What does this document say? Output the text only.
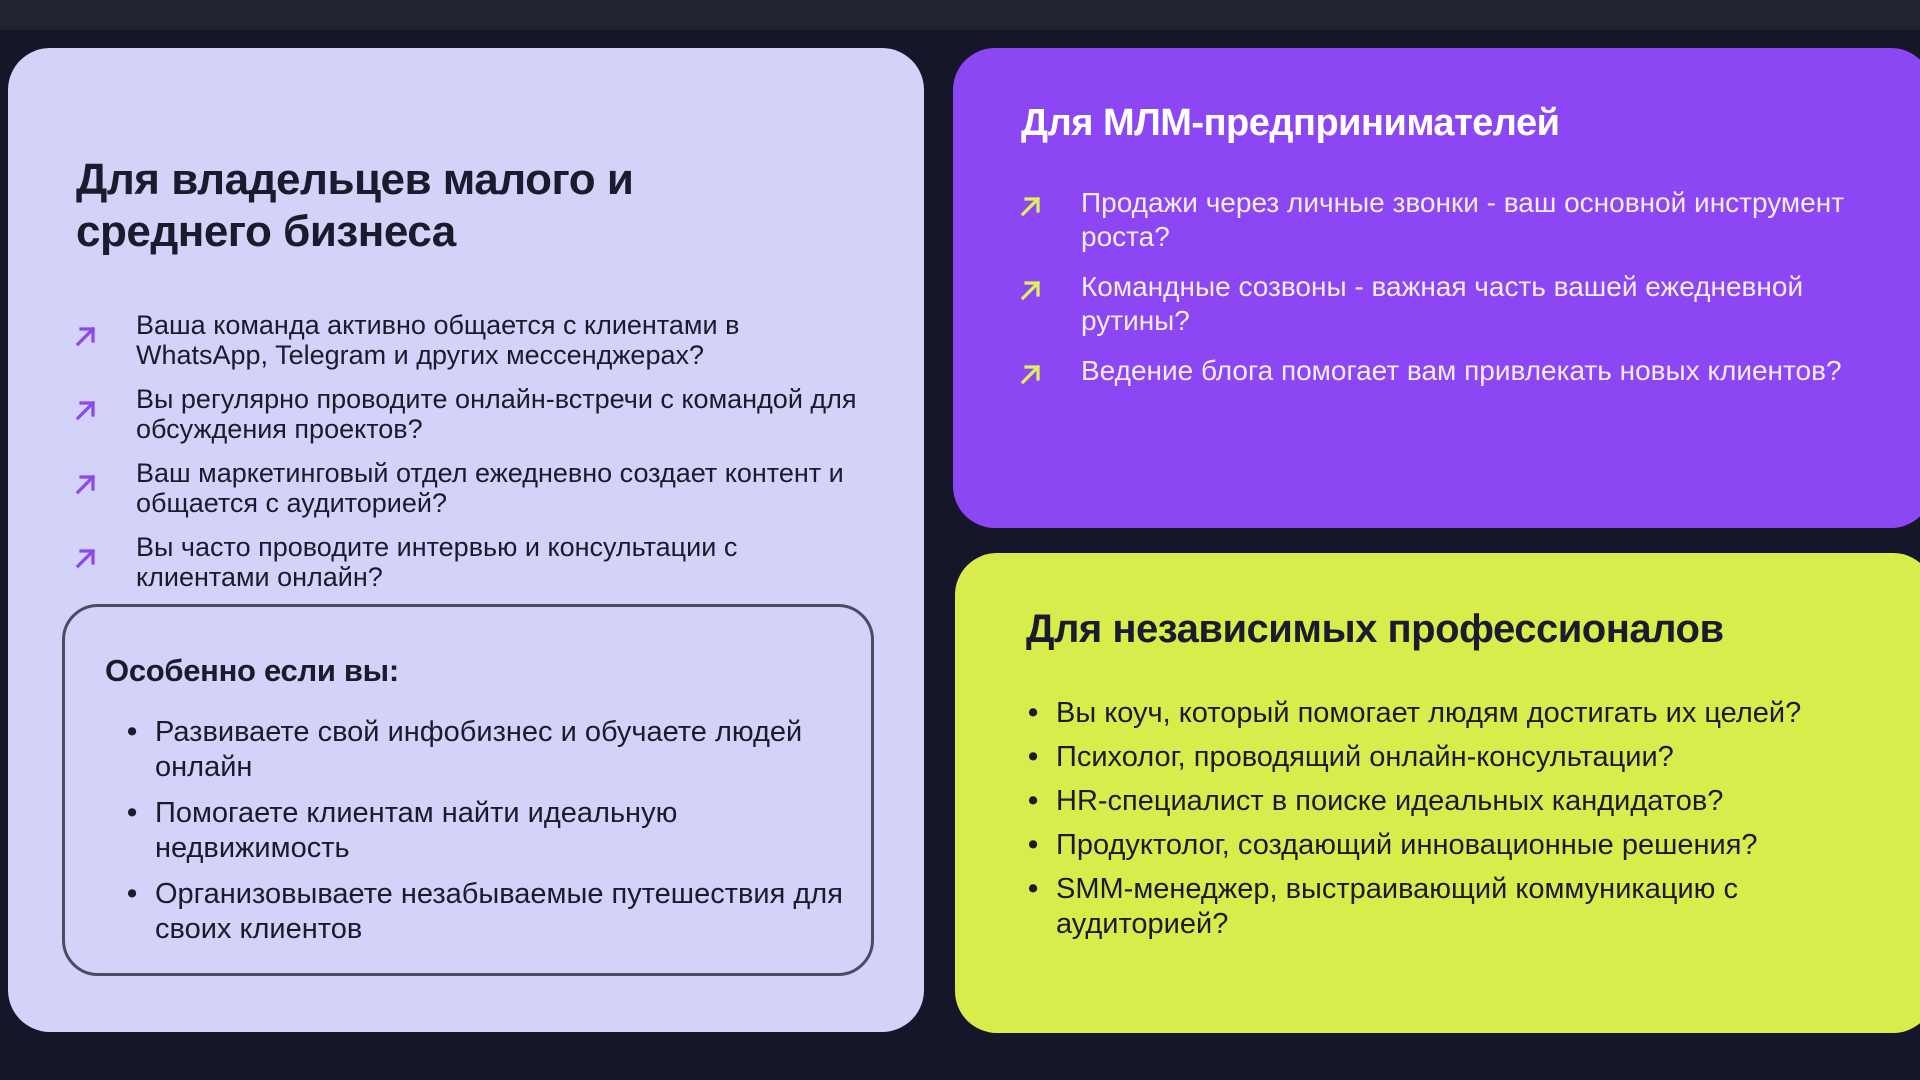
Для владельцев малого и среднего бизнеса
Ваша команда активно общается с клиентами в WhatsApp, Telegram и других мессенджерах?
Вы регулярно проводите онлайн-встречи с командой для обсуждения проектов?
Ваш маркетинговый отдел ежедневно создает контент и общается с аудиторией?
Вы часто проводите интервью и консультации с клиентами онлайн?
Особенно если вы:
• Развиваете свой инфобизнес и обучаете людей онлайн
• Помогаете клиентам найти идеальную недвижимость
• Организовываете незабываемые путешествия для своих клиентов
Для МЛМ-предпринимателей
Продажи через личные звонки - ваш основной инструмент роста?
Командные созвоны - важная часть вашей ежедневной рутины?
Ведение блога помогает вам привлекать новых клиентов?
Для независимых профессионалов
• Вы коуч, который помогает людям достигать их целей?
• Психолог, проводящий онлайн-консультации?
• HR-специалист в поиске идеальных кандидатов?
• Продуктолог, создающий инновационные решения?
• SMM-менеджер, выстраивающий коммуникацию с аудиторией?
